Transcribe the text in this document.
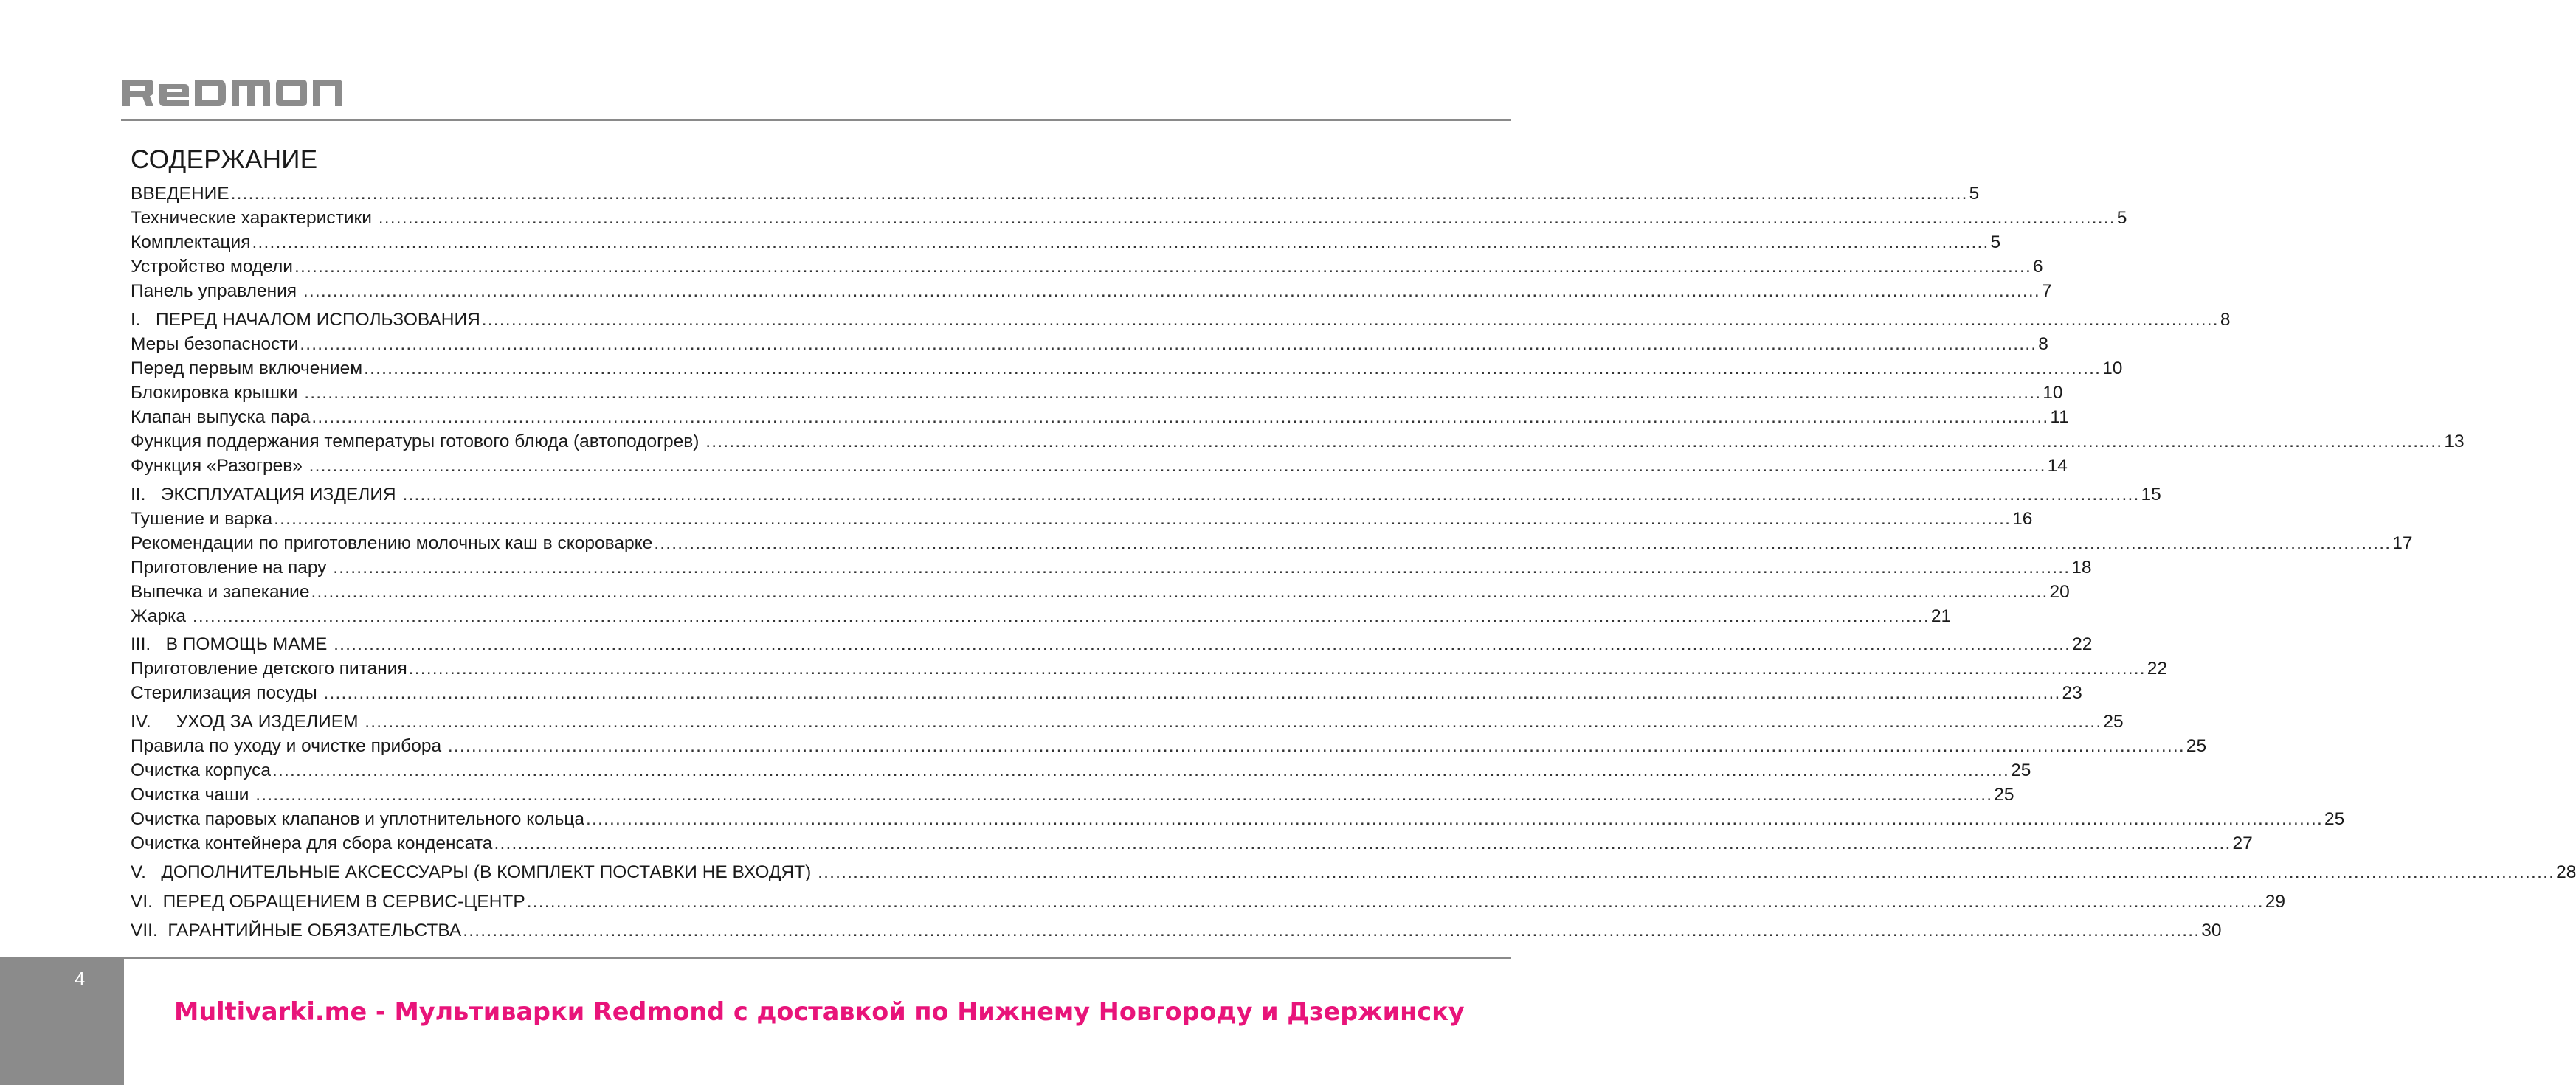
СОДЕРЖАНИЕ
ВВЕДЕНИЕ ...................................................................................................................................................................................................................................................................................................... 5
Технические характеристики ...................................................................................................................................................................................................................................................................................................... 5
Комплектация ...................................................................................................................................................................................................................................................................................................... 5
Устройство модели ...................................................................................................................................................................................................................................................................................................... 6
Панель управления ...................................................................................................................................................................................................................................................................................................... 7
I.   ПЕРЕД НАЧАЛОМ ИСПОЛЬЗОВАНИЯ ...................................................................................................................................................................................................................................................................................................... 8
Меры безопасности ...................................................................................................................................................................................................................................................................................................... 8
Перед первым включением ...................................................................................................................................................................................................................................................................................................... 10
Блокировка крышки ...................................................................................................................................................................................................................................................................................................... 10
Клапан выпуска пара ...................................................................................................................................................................................................................................................................................................... 11
Функция поддержания температуры готового блюда (автоподогрев) ...................................................................................................................................................................................................................................................................................................... 13
Функция «Разогрев» ...................................................................................................................................................................................................................................................................................................... 14
II.   ЭКСПЛУАТАЦИЯ ИЗДЕЛИЯ ...................................................................................................................................................................................................................................................................................................... 15
Тушение и варка ...................................................................................................................................................................................................................................................................................................... 16
Рекомендации по приготовлению молочных каш в скороварке ...................................................................................................................................................................................................................................................................................................... 17
Приготовление на пару ...................................................................................................................................................................................................................................................................................................... 18
Выпечка и запекание ...................................................................................................................................................................................................................................................................................................... 20
Жарка ...................................................................................................................................................................................................................................................................................................... 21
III.   В ПОМОЩЬ МАМЕ ...................................................................................................................................................................................................................................................................................................... 22
Приготовление детского питания ...................................................................................................................................................................................................................................................................................................... 22
Стерилизация посуды ...................................................................................................................................................................................................................................................................................................... 23
IV.     УХОД ЗА ИЗДЕЛИЕМ ...................................................................................................................................................................................................................................................................................................... 25
Правила по уходу и очистке прибора ...................................................................................................................................................................................................................................................................................................... 25
Очистка корпуса ...................................................................................................................................................................................................................................................................................................... 25
Очистка чаши ...................................................................................................................................................................................................................................................................................................... 25
Очистка паровых клапанов и уплотнительного кольца ...................................................................................................................................................................................................................................................................................................... 25
Очистка контейнера для сбора конденсата ...................................................................................................................................................................................................................................................................................................... 27
V.   ДОПОЛНИТЕЛЬНЫЕ АКСЕССУАРЫ (В КОМПЛЕКТ ПОСТАВКИ НЕ ВХОДЯТ) ...................................................................................................................................................................................................................................................................................................... 28
VI.  ПЕРЕД ОБРАЩЕНИЕМ В СЕРВИС-ЦЕНТР ...................................................................................................................................................................................................................................................................................................... 29
VII.  ГАРАНТИЙНЫЕ ОБЯЗАТЕЛЬСТВА ...................................................................................................................................................................................................................................................................................................... 30
4
Multivarki.me - Мультиварки Redmond с доставкой по Нижнему Новгороду и Дзержинску
